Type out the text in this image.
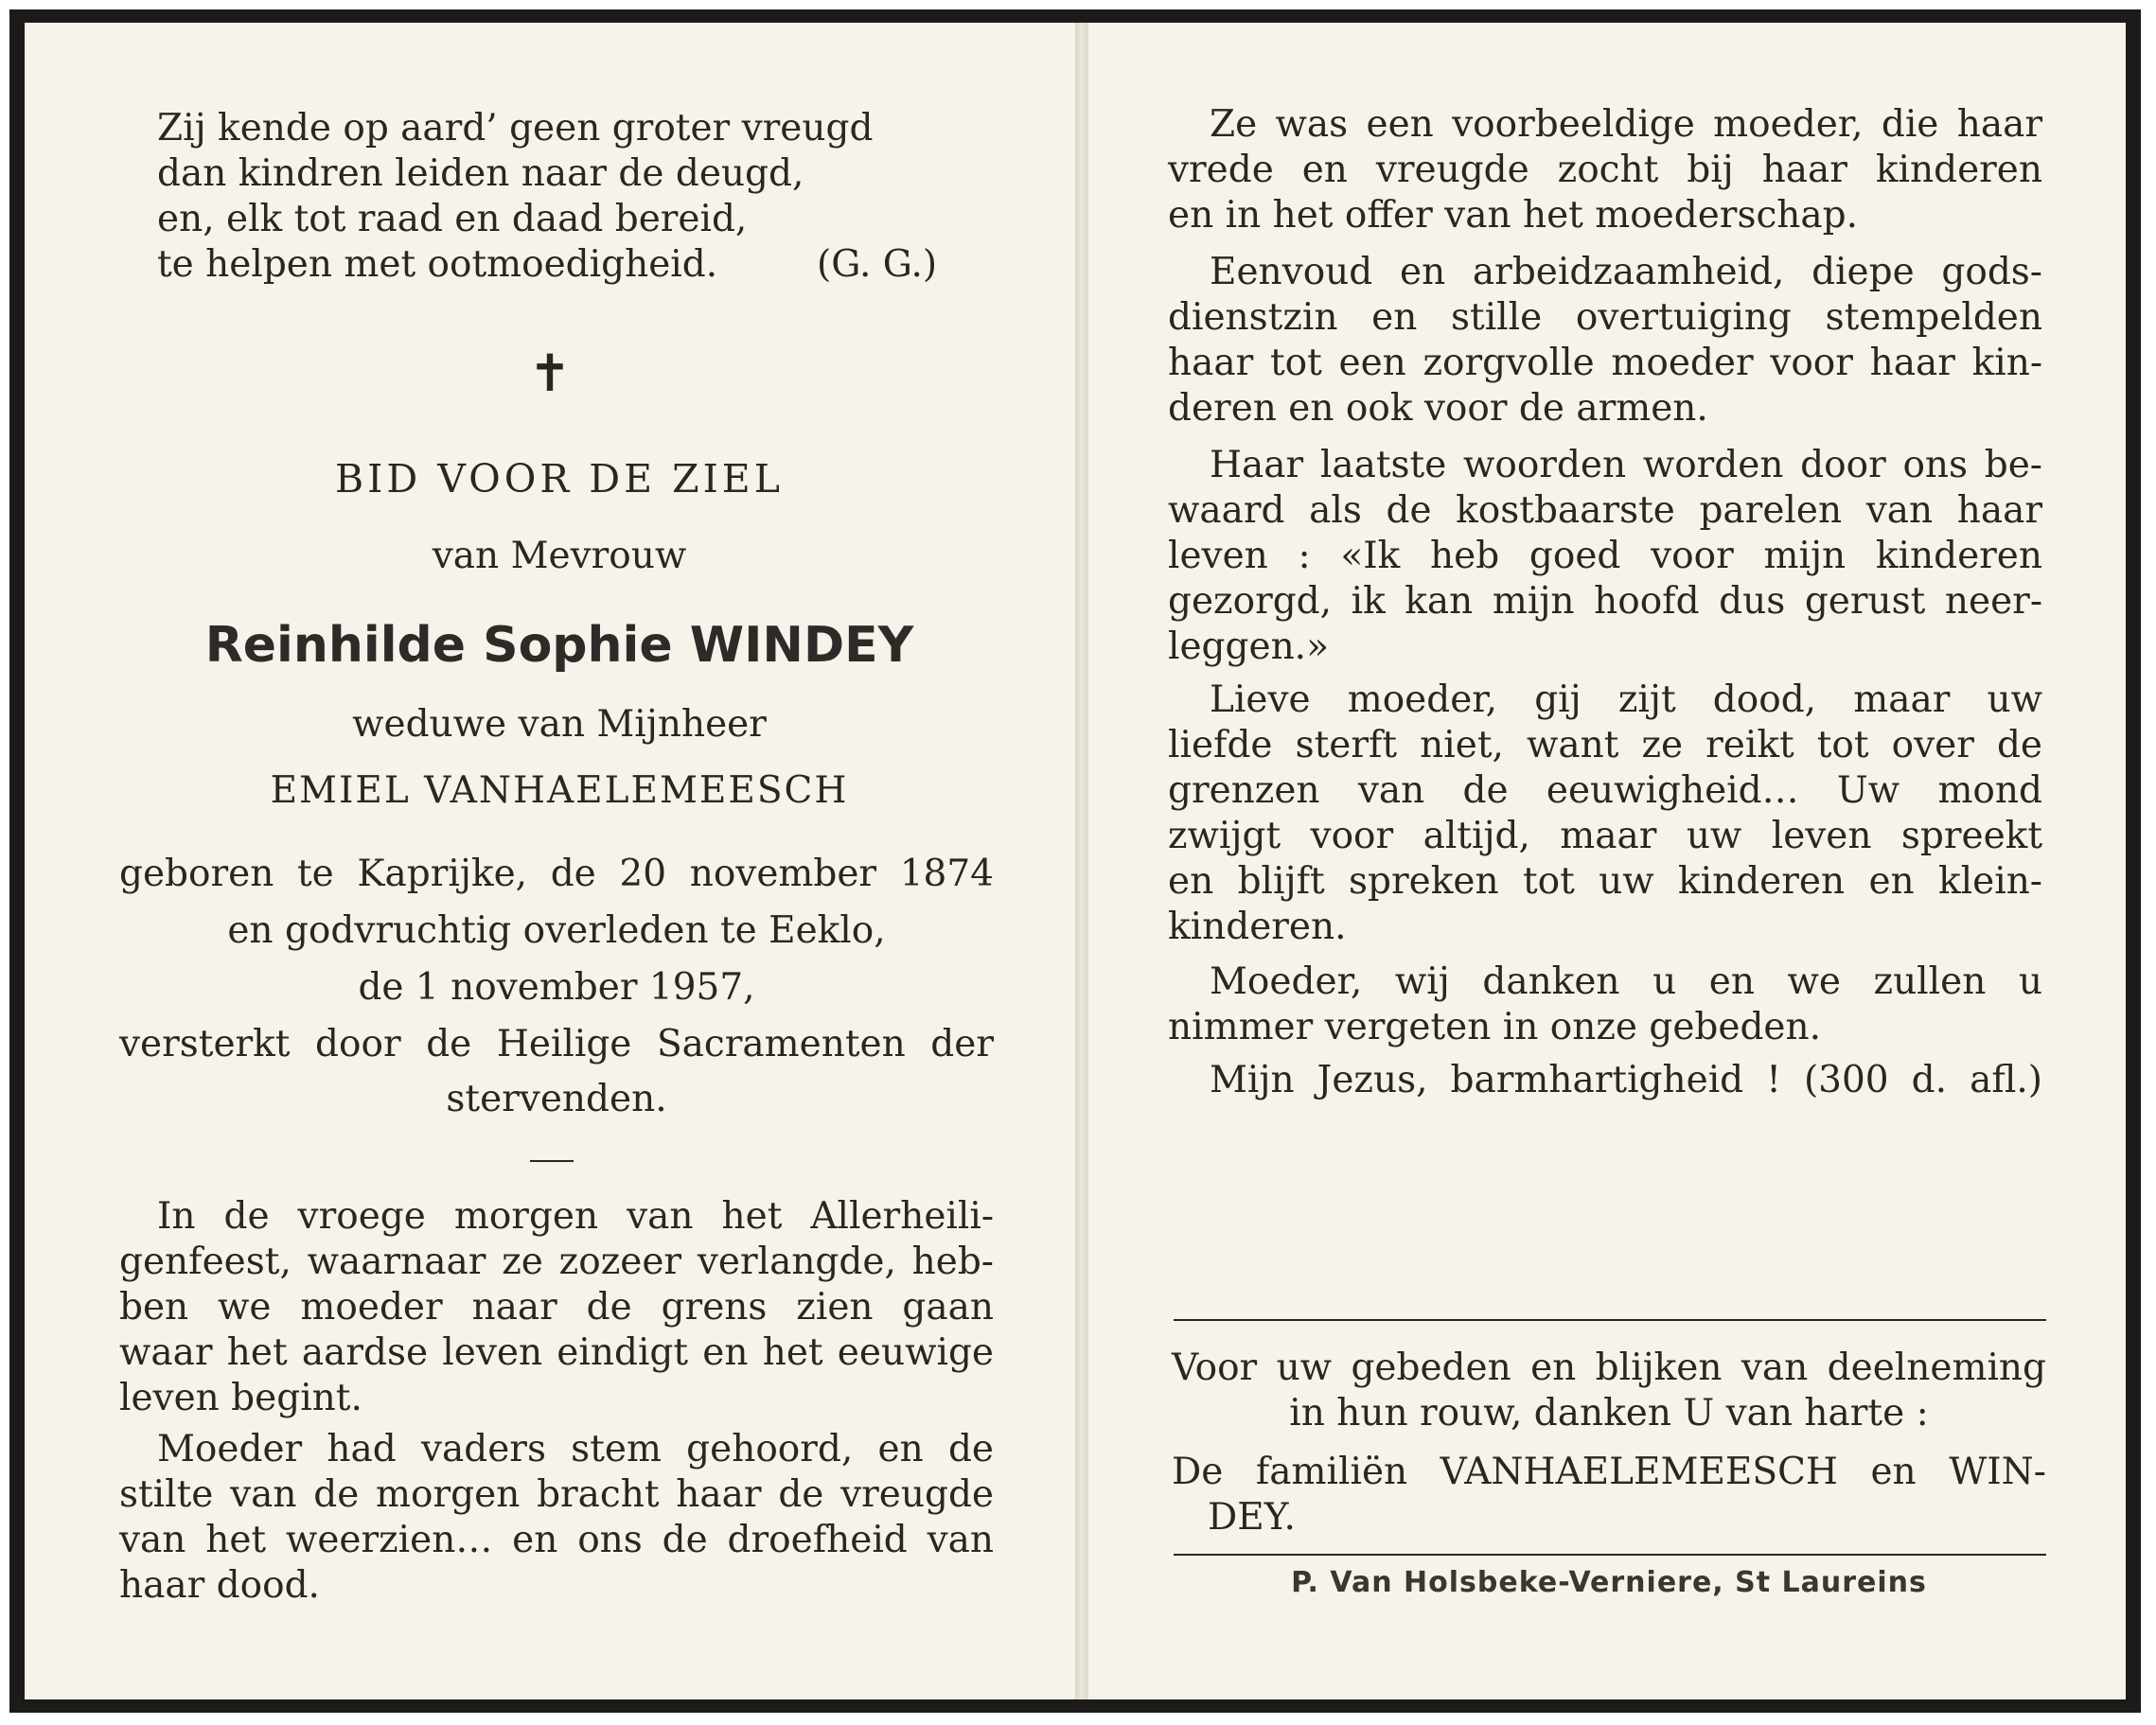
Zij kende op aard’ geen groter vreugd
dan kindren leiden naar de deugd,
en, elk tot raad en daad bereid,
te helpen met ootmoedigheid.	(G. G.)
✝
BID VOOR DE ZIEL
van Mevrouw
Reinhilde Sophie WINDEY
weduwe van Mijnheer
EMIEL VANHAELEMEESCH
geboren te Kaprijke, de 20 november 1874
en godvruchtig overleden te Eeklo,
de 1 november 1957,
versterkt door de Heilige Sacramenten der
stervenden.
In de vroege morgen van het Allerheili-
genfeest, waarnaar ze zozeer verlangde, heb-
ben we moeder naar de grens zien gaan
waar het aardse leven eindigt en het eeuwige
leven begint.
Moeder had vaders stem gehoord, en de
stilte van de morgen bracht haar de vreugde
van het weerzien… en ons de droefheid van
haar dood.
Ze was een voorbeeldige moeder, die haar
vrede en vreugde zocht bij haar kinderen
en in het offer van het moederschap.
Eenvoud en arbeidzaamheid, diepe gods-
dienstzin en stille overtuiging stempelden
haar tot een zorgvolle moeder voor haar kin-
deren en ook voor de armen.
Haar laatste woorden worden door ons be-
waard als de kostbaarste parelen van haar
leven : «Ik heb goed voor mijn kinderen
gezorgd, ik kan mijn hoofd dus gerust neer-
leggen.»
Lieve moeder, gij zijt dood, maar uw
liefde sterft niet, want ze reikt tot over de
grenzen van de eeuwigheid… Uw mond
zwijgt voor altijd, maar uw leven spreekt
en blijft spreken tot uw kinderen en klein-
kinderen.
Moeder, wij danken u en we zullen u
nimmer vergeten in onze gebeden.
Mijn Jezus, barmhartigheid ! (300 d. afl.)
Voor uw gebeden en blijken van deelneming
in hun rouw, danken U van harte :
De familiën VANHAELEMEESCH en WIN-
DEY.
P. Van Holsbeke-Verniere, St Laureins
